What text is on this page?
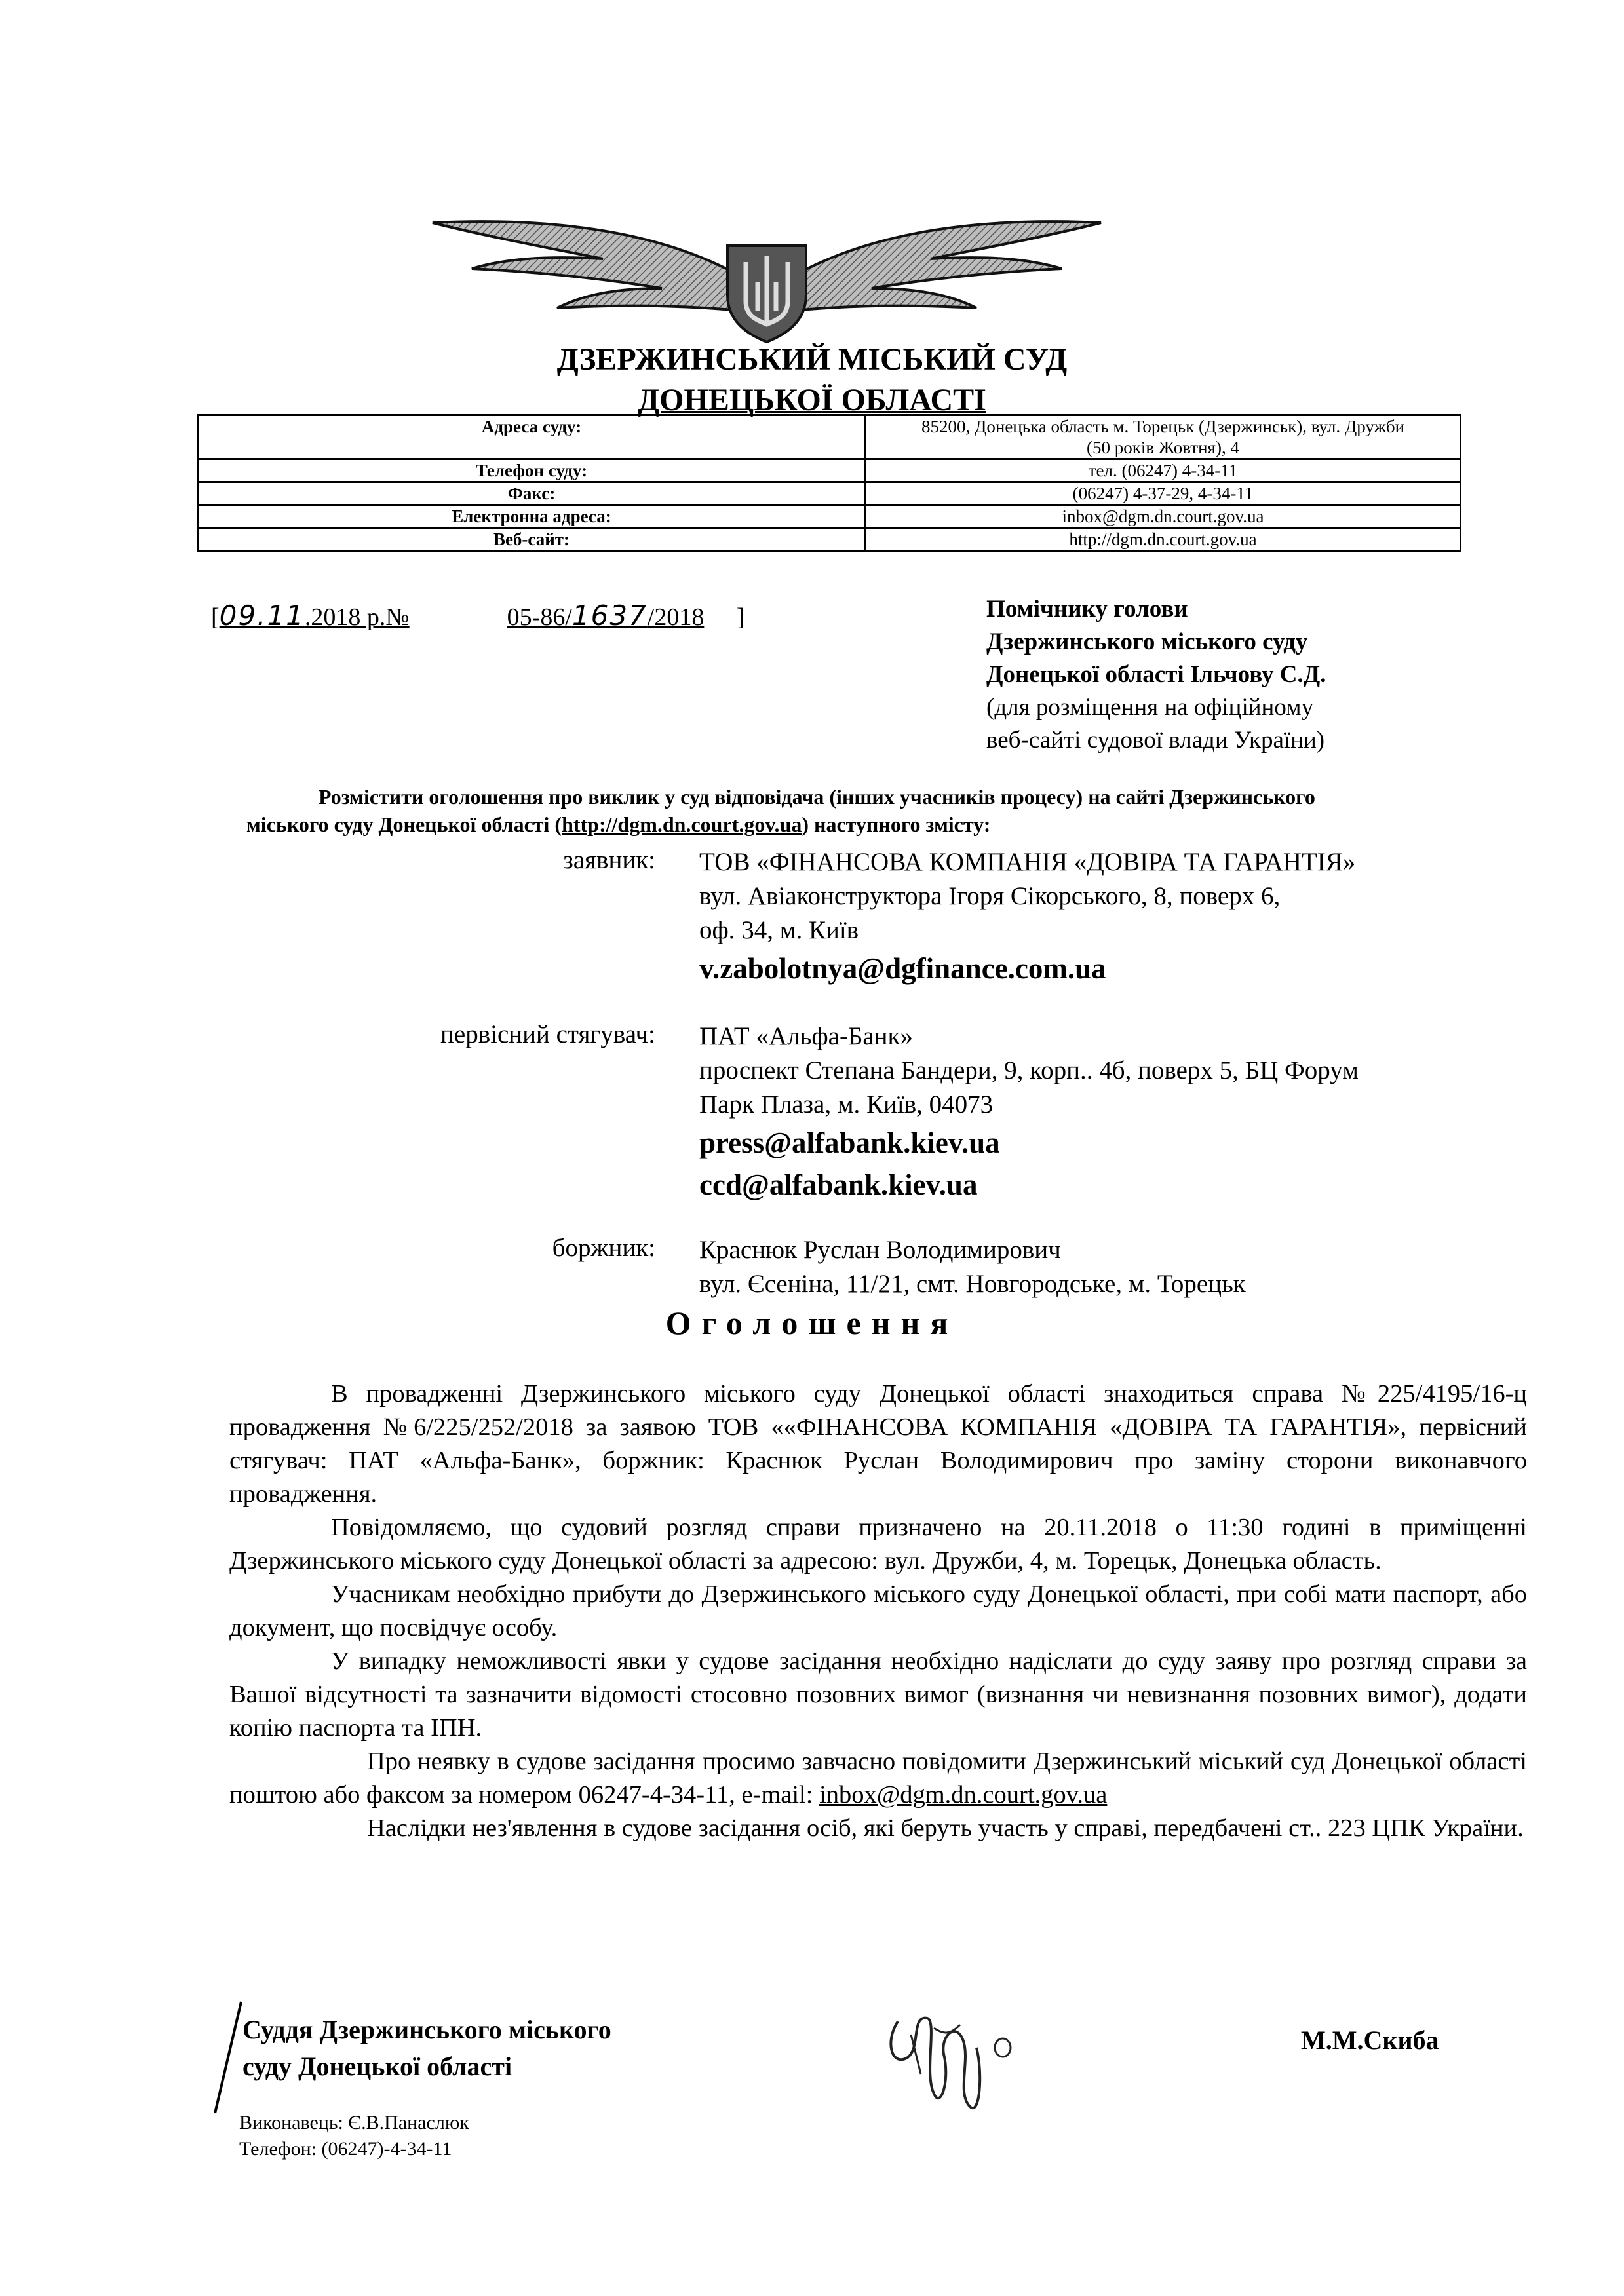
ДЗЕРЖИНСЬКИЙ МІСЬКИЙ СУД
ДОНЕЦЬКОЇ ОБЛАСТІ
Адреса суду:	85200, Донецька область м. Торецьк (Дзержинськ), вул. Дружби
(50 років Жовтня), 4

Телефон суду:	тел. (06247) 4-34-11
Факс:	(06247) 4-37-29, 4-34-11
Електронна адреса:	inbox@dgm.dn.court.gov.ua
Веб-сайт:	http://dgm.dn.court.gov.ua
[09.11.2018 р.№	05-86/1637/2018 ]	Помічнику голови
Дзержинського міського суду
Донецької області Ільчову С.Д.
(для розміщення на офіційному
веб-сайті судової влади України)
Розмістити оголошення про виклик у суд відповідача (інших учасників процесу) на сайті Дзержинського
міського суду Донецької області (http://dgm.dn.court.gov.ua) наступного змісту:
заявник: ТОВ «ФІНАНСОВА КОМПАНІЯ «ДОВІРА ТА ГАРАНТІЯ»
вул. Авіаконструктора Ігоря Сікорського, 8, поверх 6,
оф. 34, м. Київ
v.zabolotnya@dgfinance.com.ua
первісний стягувач: ПАТ «Альфа-Банк»
проспект Степана Бандери, 9, корп.. 4б, поверх 5, БЦ Форум
Парк Плаза, м. Київ, 04073
press@alfabank.kiev.ua
ccd@alfabank.kiev.ua
боржник: Краснюк Руслан Володимирович
вул. Єсеніна, 11/21, смт. Новгородське, м. Торецьк
Оголошення

В провадженні Дзержинського міського суду Донецької області знаходиться справа №225/4195/16-ц провадження №6/225/252/2018 за заявою ТОВ ««ФІНАНСОВА КОМПАНІЯ «ДОВІРА ТА ГАРАНТІЯ», первісний стягувач: ПАТ «Альфа-Банк», боржник: Краснюк Руслан Володимирович про заміну сторони виконавчого провадження.

Повідомляємо, що судовий розгляд справи призначено на 20.11.2018 о 11:30 годині в приміщенні Дзержинського міського суду Донецької області за адресою: вул. Дружби, 4, м. Торецьк, Донецька область.

Учасникам необхідно прибути до Дзержинського міського суду Донецької області, при собі мати паспорт, або документ, що посвідчує особу.

У випадку неможливості явки у судове засідання необхідно надіслати до суду заяву про розгляд справи за Вашої відсутності та зазначити відомості стосовно позовних вимог (визнання чи невизнання позовних вимог), додати копію паспорта та ІПН.

Про неявку в судове засідання просимо завчасно повідомити Дзержинський міський суд Донецької області поштою або факсом за номером 06247-4-34-11, e-mail: inbox@dgm.dn.court.gov.ua

Наслідки нез'явлення в судове засідання осіб, які беруть участь у справі, передбачені ст.. 223 ЦПК України.

Суддя Дзержинського міського
суду Донецької області
М.М.Скиба
Виконавець: Є.В.Панаслюк
Телефон: (06247)-4-34-11
